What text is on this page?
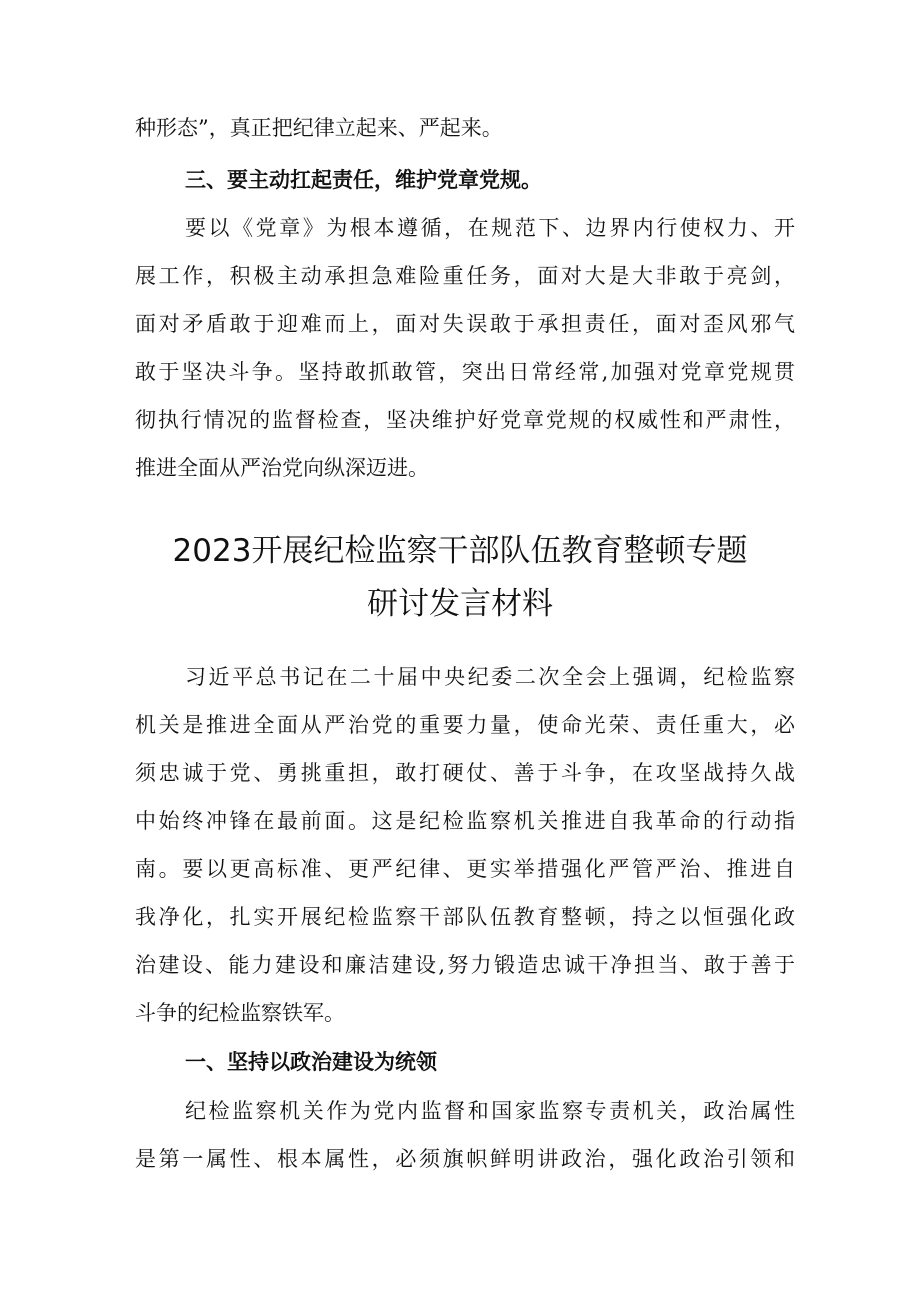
种形态”，真正把纪律立起来、严起来。
三、要主动扛起责任，维护党章党规。
要以《党章》为根本遵循，在规范下、边界内行使权力、开
展工作，积极主动承担急难险重任务，面对大是大非敢于亮剑，
面对矛盾敢于迎难而上，面对失误敢于承担责任，面对歪风邪气
敢于坚决斗争。坚持敢抓敢管，突出日常经常,加强对党章党规贯
彻执行情况的监督检查，坚决维护好党章党规的权威性和严肃性，
推进全面从严治党向纵深迈进。
2023开展纪检监察干部队伍教育整顿专题
研讨发言材料
习近平总书记在二十届中央纪委二次全会上强调，纪检监察
机关是推进全面从严治党的重要力量，使命光荣、责任重大，必
须忠诚于党、勇挑重担，敢打硬仗、善于斗争，在攻坚战持久战
中始终冲锋在最前面。这是纪检监察机关推进自我革命的行动指
南。要以更高标准、更严纪律、更实举措强化严管严治、推进自
我净化，扎实开展纪检监察干部队伍教育整顿，持之以恒强化政
治建设、能力建设和廉洁建设,努力锻造忠诚干净担当、敢于善于
斗争的纪检监察铁军。
一、坚持以政治建设为统领
纪检监察机关作为党内监督和国家监察专责机关，政治属性
是第一属性、根本属性，必须旗帜鲜明讲政治，强化政治引领和
